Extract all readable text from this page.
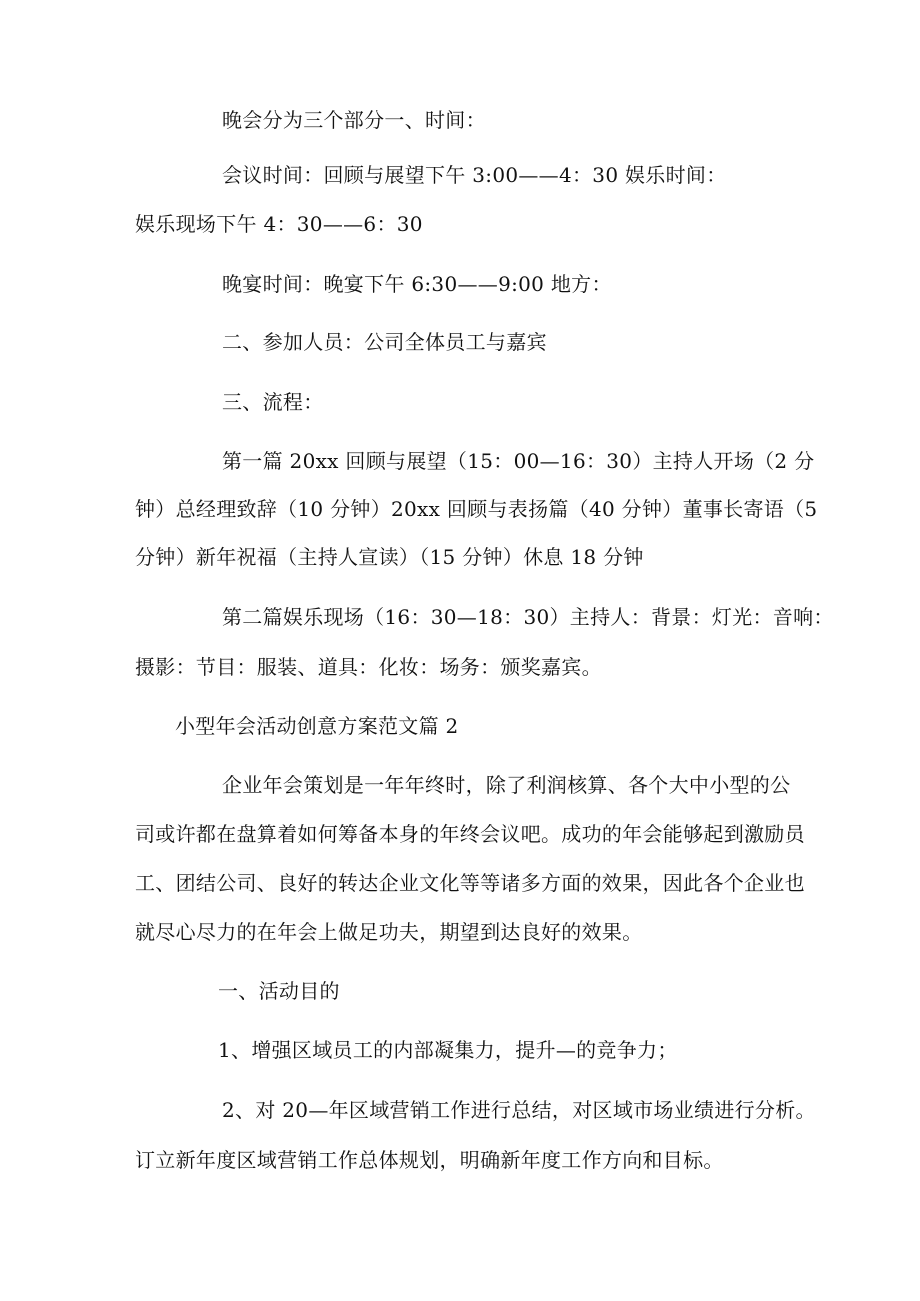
晚会分为三个部分一、时间：
会议时间：回顾与展望下午 3:00——4：30 娱乐时间：
娱乐现场下午 4：30——6：30
晚宴时间：晚宴下午 6:30——9:00 地方：
二、参加人员：公司全体员工与嘉宾
三、流程：
第一篇 20xx 回顾与展望（15：00—16：30）主持人开场（2 分
钟）总经理致辞（10 分钟）20xx 回顾与表扬篇（40 分钟）董事长寄语（5
分钟）新年祝福（主持人宣读）（15 分钟）休息 18 分钟
第二篇娱乐现场（16：30—18：30）主持人：背景：灯光：音响：
摄影：节目：服装、道具：化妆：场务：颁奖嘉宾。
小型年会活动创意方案范文篇 2
企业年会策划是一年年终时，除了利润核算、各个大中小型的公
司或许都在盘算着如何筹备本身的年终会议吧。成功的年会能够起到激励员
工、团结公司、良好的转达企业文化等等诸多方面的效果，因此各个企业也
就尽心尽力的在年会上做足功夫，期望到达良好的效果。
一、活动目的
1、增强区域员工的内部凝集力，提升—的竞争力；
2、对 20—年区域营销工作进行总结，对区域市场业绩进行分析。
订立新年度区域营销工作总体规划，明确新年度工作方向和目标。
